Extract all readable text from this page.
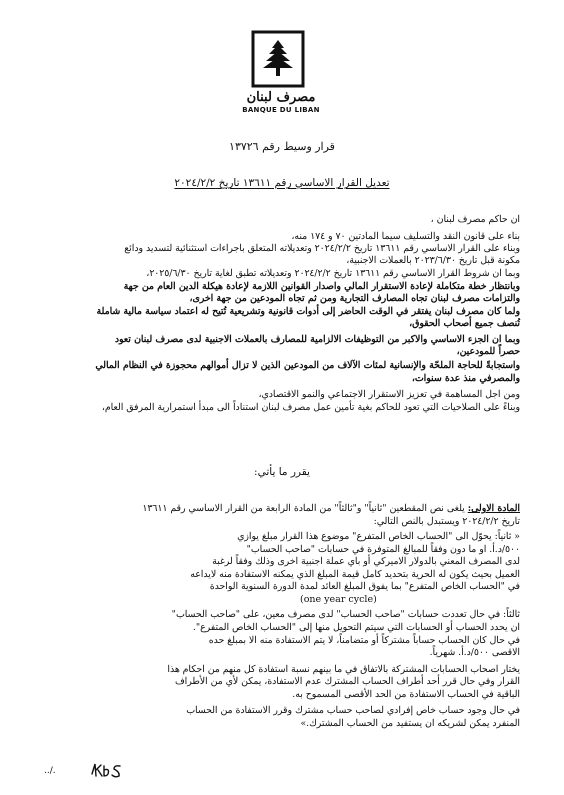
مصرف لبنان
BANQUE DU LIBAN
قرار وسيط رقم ١٣٧٢٦
تعديل القرار الاساسي رقم ١٣٦١١ تاريخ ٢٠٢٤/٢/٢
ان حاكم مصرف لبنان ،
بناء على قانون النقد والتسليف سيما المادتين ٧٠ و ١٧٤ منه،
وبناء على القرار الاساسي رقم ١٣٦١١ تاريخ ٢٠٢٤/٢/٢ وتعديلاته المتعلق باجراءات استثنائية لتسديد ودائع
مكونة قبل تاريخ ٢٠٢٣/٦/٣٠ بالعملات الاجنبية،
وبما ان شروط القرار الاساسي رقم ١٣٦١١ تاريخ ٢٠٢٤/٢/٢ وتعديلاته تطبق لغاية تاريخ ٢٠٢٥/٦/٣٠،
وبانتظار خطة متكاملة لإعادة الاستقرار المالي واصدار القوانين اللازمة لإعادة هيكلة الدين العام من جهة
والتزامات مصرف لبنان تجاه المصارف التجارية ومن ثم تجاه المودعين من جهة اخرى،
ولما كان مصرف لبنان يفتقر في الوقت الحاضر إلى أدوات قانونية وتشريعية تُتيح له اعتماد سياسة مالية شاملة
تُنصف جميع أصحاب الحقوق،
وبما ان الجزء الاساسي والاكبر من التوظيفات الالزامية للمصارف بالعملات الاجنبية لدى مصرف لبنان تعود
حصراً للمودعين،
واستجابةً للحاجة الملحّة والإنسانية لمئات الآلاف من المودعين الذين لا تزال أموالهم محجوزة في النظام المالي
والمصرفي منذ عدة سنوات،
ومن اجل المساهمة في تعزيز الاستقرار الاجتماعي والنمو الاقتصادي،
وبناءً على الصلاحيات التي تعود للحاكم بغية تأمين عمل مصرف لبنان استناداً الى مبدأ استمرارية المرفق العام،
يقرر ما يأتي:
المادة الاولى: يلغى نص المقطعين "ثانياً" و"ثالثاً" من المادة الرابعة من القرار الاساسي رقم ١٣٦١١
تاريخ ٢٠٢٤/٢/٢ ويستبدل بالنص التالي:
« ثانياً: يحوّل الى "الحساب الخاص المتفرع" موضوع هذا القرار مبلغ يوازي
٥٠٠/د.أ. او ما دون وفقاً للمبالغ المتوفرة في حسابات "صاحب الحساب"
لدى المصرف المعني بالدولار الاميركي أو باي عملة اجنبية اخرى وذلك وفقاً لرغبة
العميل بحيث يكون له الحرية بتحديد كامل قيمة المبلغ الذي يمكنه الاستفادة منه لايداعه
في "الحساب الخاص المتفرع" بما يفوق المبلغ العائد لمدة الدورة السنوية الواحدة
(one year cycle)
ثالثاً: في حال تعددت حسابات "صاحب الحساب" لدى مصرف معين، على "صاحب الحساب"
ان يحدد الحساب أو الحسابات التي سيتم التحويل منها إلى "الحساب الخاص المتفرع".
في حال كان الحساب حساباً مشتركاً أو متضامناً، لا يتم الاستفادة منه الا بمبلغ حده
الاقصى ٥٠٠/د.أ. شهرياً.
يختار اصحاب الحسابات المشتركة بالاتفاق في ما بينهم نسبة استفادة كل منهم من احكام هذا
القرار وفي حال قرر أحد أطراف الحساب المشترك عدم الاستفادة، يمكن لأي من الأطراف
الباقية في الحساب الاستفادة من الحد الأقصى المسموح به.
في حال وجود حساب خاص إفرادي لصاحب حساب مشترك وقرر الاستفادة من الحساب
المنفرد يمكن لشريكه ان يستفيد من الحساب المشترك.»
../.
